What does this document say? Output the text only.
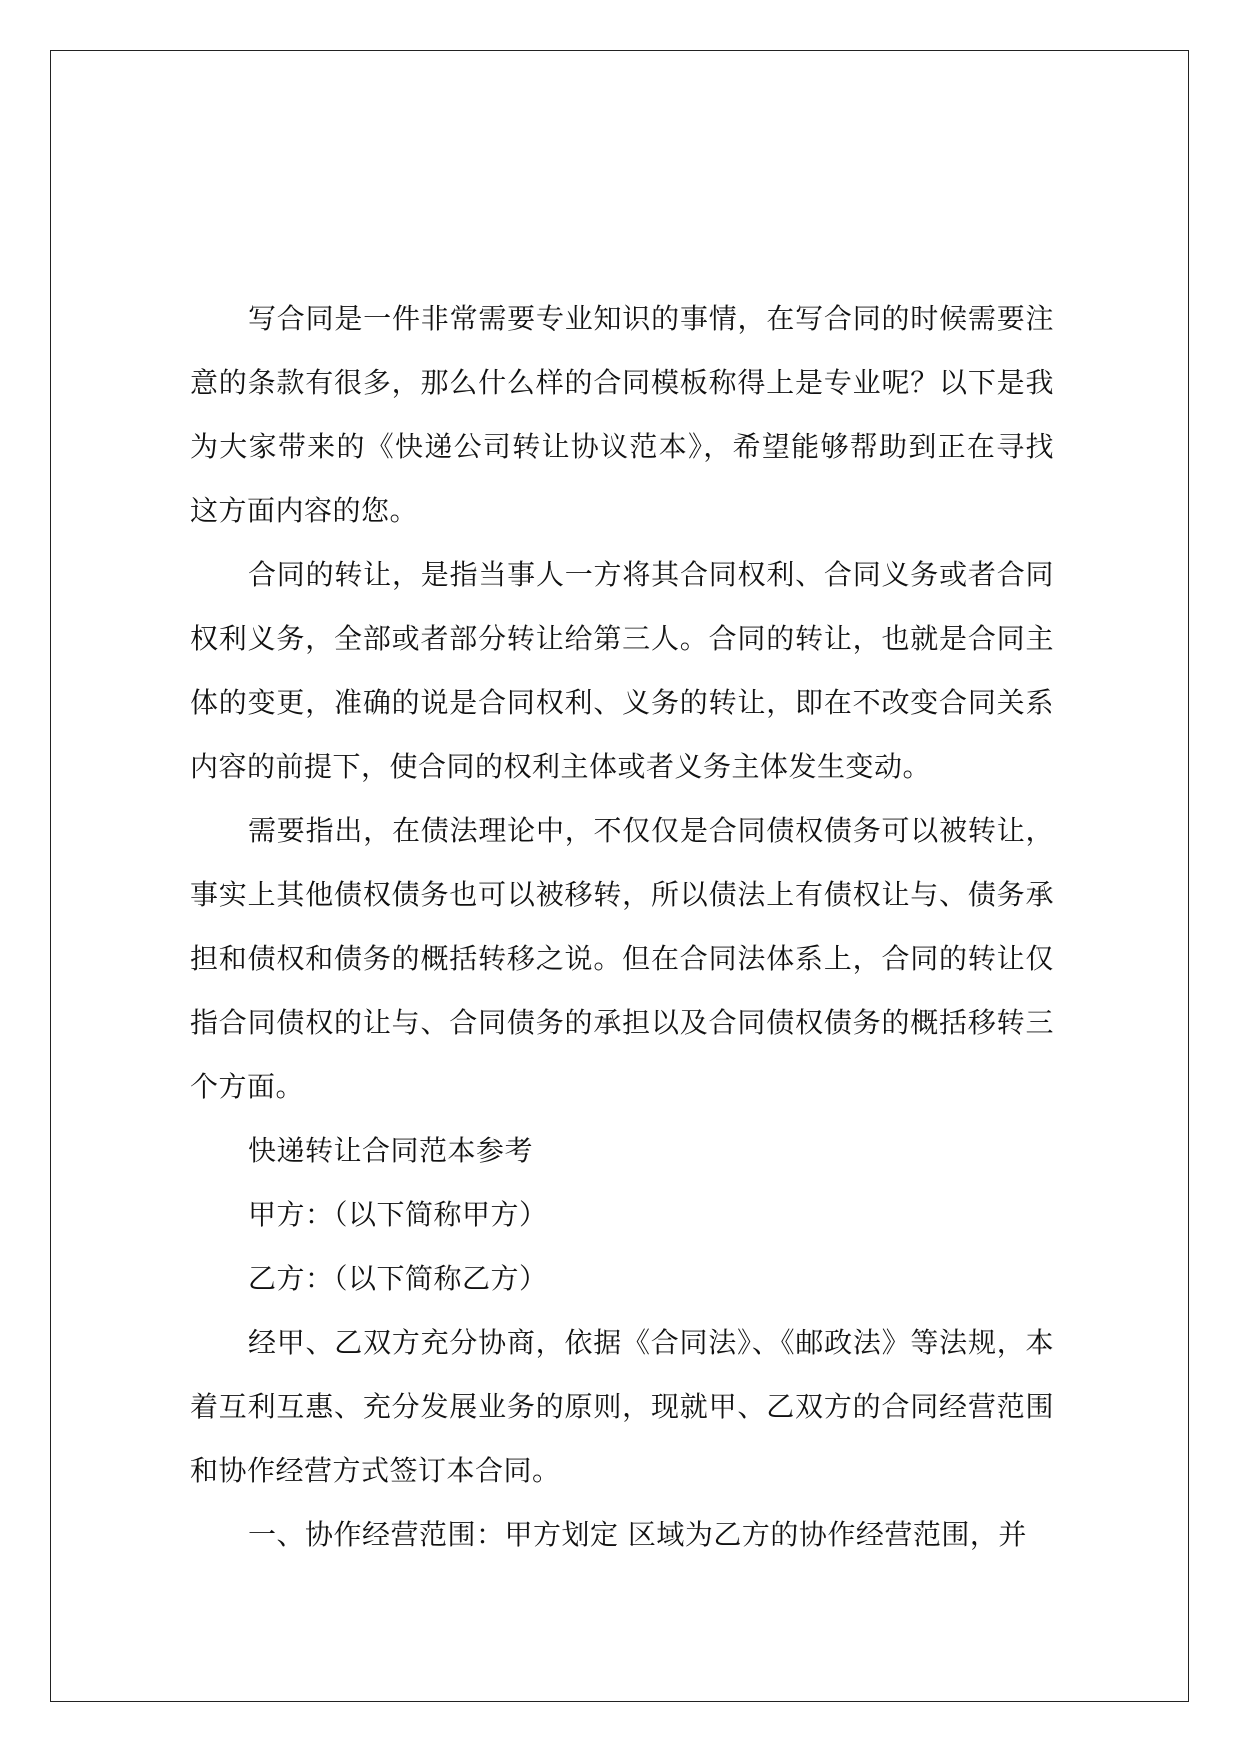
写合同是一件非常需要专业知识的事情，在写合同的时候需要注意的条款有很多，那么什么样的合同模板称得上是专业呢？以下是我为大家带来的《快递公司转让协议范本》，希望能够帮助到正在寻找这方面内容的您。

合同的转让，是指当事人一方将其合同权利、合同义务或者合同权利义务，全部或者部分转让给第三人。合同的转让，也就是合同主体的变更，准确的说是合同权利、义务的转让，即在不改变合同关系内容的前提下，使合同的权利主体或者义务主体发生变动。

需要指出，在债法理论中，不仅仅是合同债权债务可以被转让，事实上其他债权债务也可以被移转，所以债法上有债权让与、债务承担和债权和债务的概括转移之说。但在合同法体系上，合同的转让仅指合同债权的让与、合同债务的承担以及合同债权债务的概括移转三个方面。

快递转让合同范本参考

甲方：（以下简称甲方）

乙方：（以下简称乙方）

经甲、乙双方充分协商，依据《合同法》、《邮政法》等法规，本着互利互惠、充分发展业务的原则，现就甲、乙双方的合同经营范围和协作经营方式签订本合同。

一、协作经营范围：甲方划定 区域为乙方的协作经营范围，并
